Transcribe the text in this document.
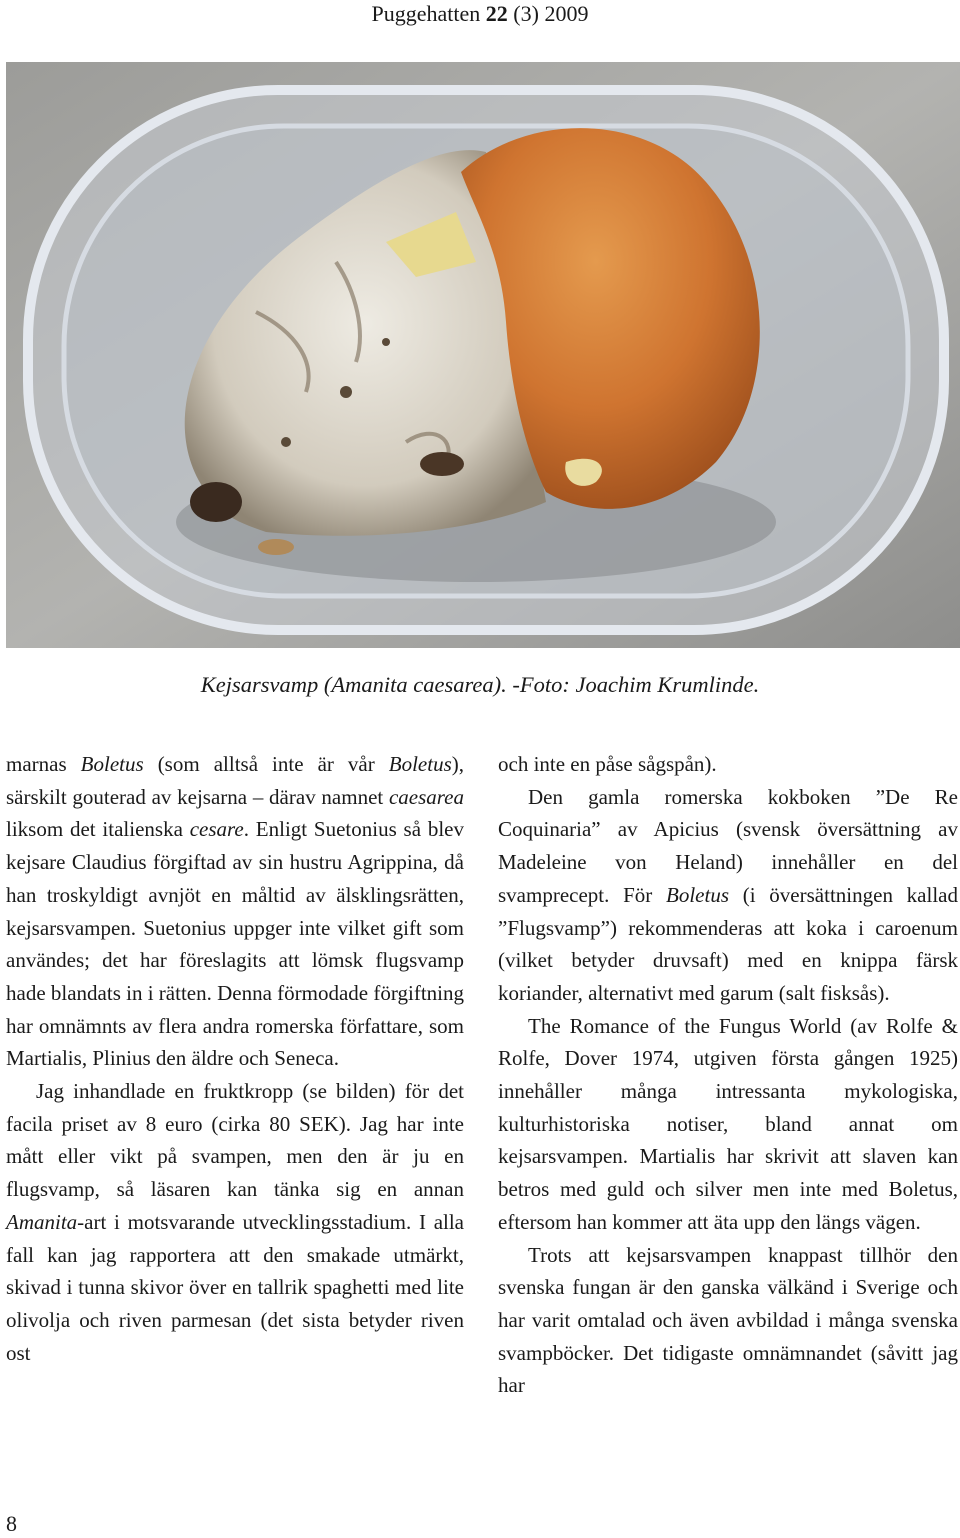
Puggehatten 22 (3) 2009
Kejsarsvamp (Amanita caesarea). -Foto: Joachim Krumlinde.

marnas Boletus (som alltså inte är vår Boletus), särskilt gouterad av kejsarna – därav namnet caesarea liksom det italienska cesare. Enligt Suetonius så blev kejsare Claudius förgiftad av sin hustru Agrippina, då han troskyldigt avnjöt en måltid av älsklingsrätten, kejsarsvampen. Suetonius uppger inte vilket gift som användes; det har föreslagits att lömsk flugsvamp hade blandats in i rätten. Denna förmodade förgiftning har omnämnts av flera andra romerska författare, som Martialis, Plinius den äldre och Seneca.

Jag inhandlade en fruktkropp (se bilden) för det facila priset av 8 euro (cirka 80 SEK). Jag har inte mått eller vikt på svampen, men den är ju en flugsvamp, så läsaren kan tänka sig en annan Amanita-art i motsvarande utvecklingsstadium. I alla fall kan jag rapportera att den smakade utmärkt, skivad i tunna skivor över en tallrik spaghetti med lite olivolja och riven parmesan (det sista betyder riven ost

och inte en påse sågspån).

Den gamla romerska kokboken ”De Re Coquinaria” av Apicius (svensk översättning av Madeleine von Heland) innehåller en del svamprecept. För Boletus (i översättningen kallad ”Flugsvamp”) rekommenderas att koka i caroenum (vilket betyder druvsaft) med en knippa färsk koriander, alternativt med garum (salt fisksås).

The Romance of the Fungus World (av Rolfe & Rolfe, Dover 1974, utgiven första gången 1925) innehåller många intressanta mykologiska, kulturhistoriska notiser, bland annat om kejsarsvampen. Martialis har skrivit att slaven kan betros med guld och silver men inte med Boletus, eftersom han kommer att äta upp den längs vägen.

Trots att kejsarsvampen knappast tillhör den svenska fungan är den ganska välkänd i Sverige och har varit omtalad och även avbildad i många svenska svampböcker. Det tidigaste omnämnandet (såvitt jag har

8
